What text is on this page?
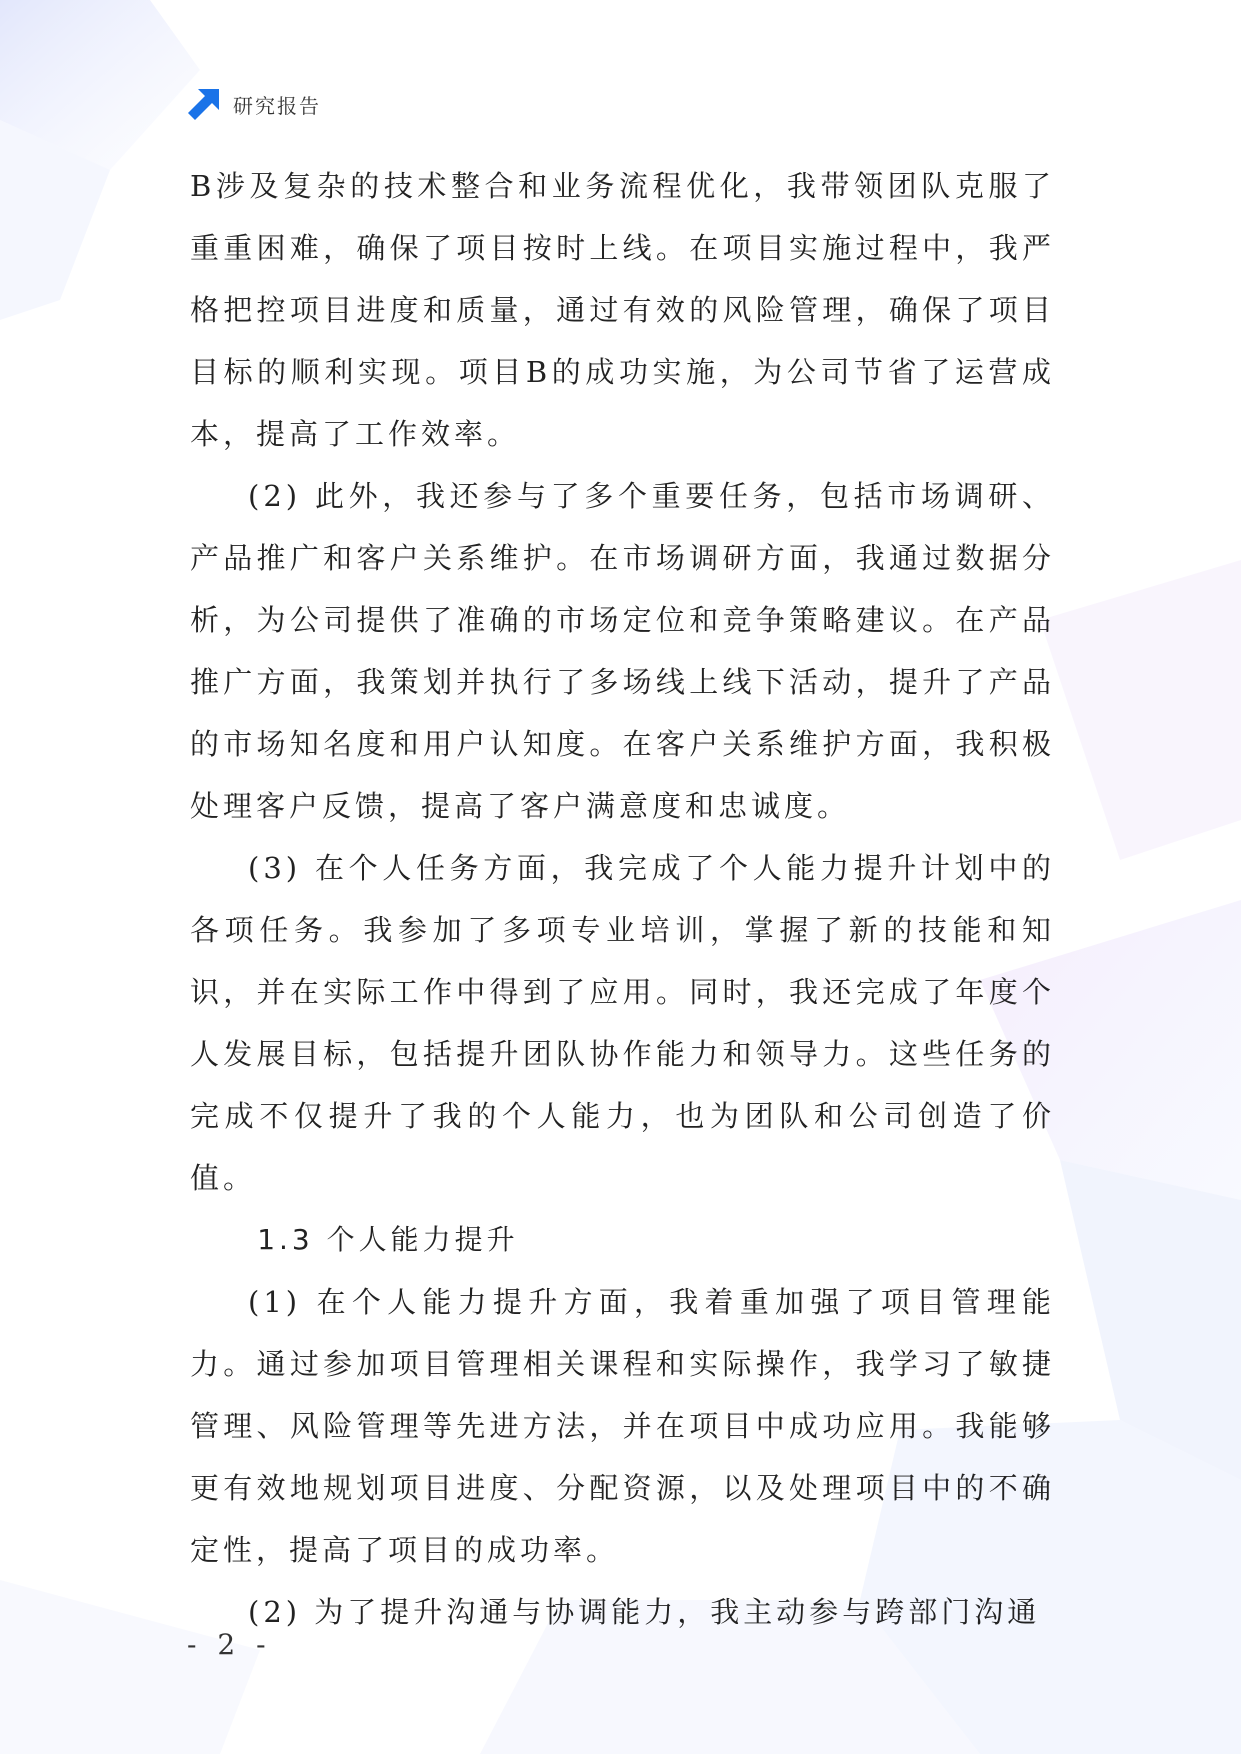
研究报告

B涉及复杂的技术整合和业务流程优化，我带领团队克服了重重困难，确保了项目按时上线。在项目实施过程中，我严格把控项目进度和质量，通过有效的风险管理，确保了项目目标的顺利实现。项目B的成功实施，为公司节省了运营成本，提高了工作效率。

(2) 此外，我还参与了多个重要任务，包括市场调研、产品推广和客户关系维护。在市场调研方面，我通过数据分析，为公司提供了准确的市场定位和竞争策略建议。在产品推广方面，我策划并执行了多场线上线下活动，提升了产品的市场知名度和用户认知度。在客户关系维护方面，我积极处理客户反馈，提高了客户满意度和忠诚度。

(3) 在个人任务方面，我完成了个人能力提升计划中的各项任务。我参加了多项专业培训，掌握了新的技能和知识，并在实际工作中得到了应用。同时，我还完成了年度个人发展目标，包括提升团队协作能力和领导力。这些任务的完成不仅提升了我的个人能力，也为团队和公司创造了价值。

1.3 个人能力提升

(1) 在个人能力提升方面，我着重加强了项目管理能力。通过参加项目管理相关课程和实际操作，我学习了敏捷管理、风险管理等先进方法，并在项目中成功应用。我能够更有效地规划项目进度、分配资源，以及处理项目中的不确定性，提高了项目的成功率。

(2) 为了提升沟通与协调能力，我主动参与跨部门沟通

- 2 -
